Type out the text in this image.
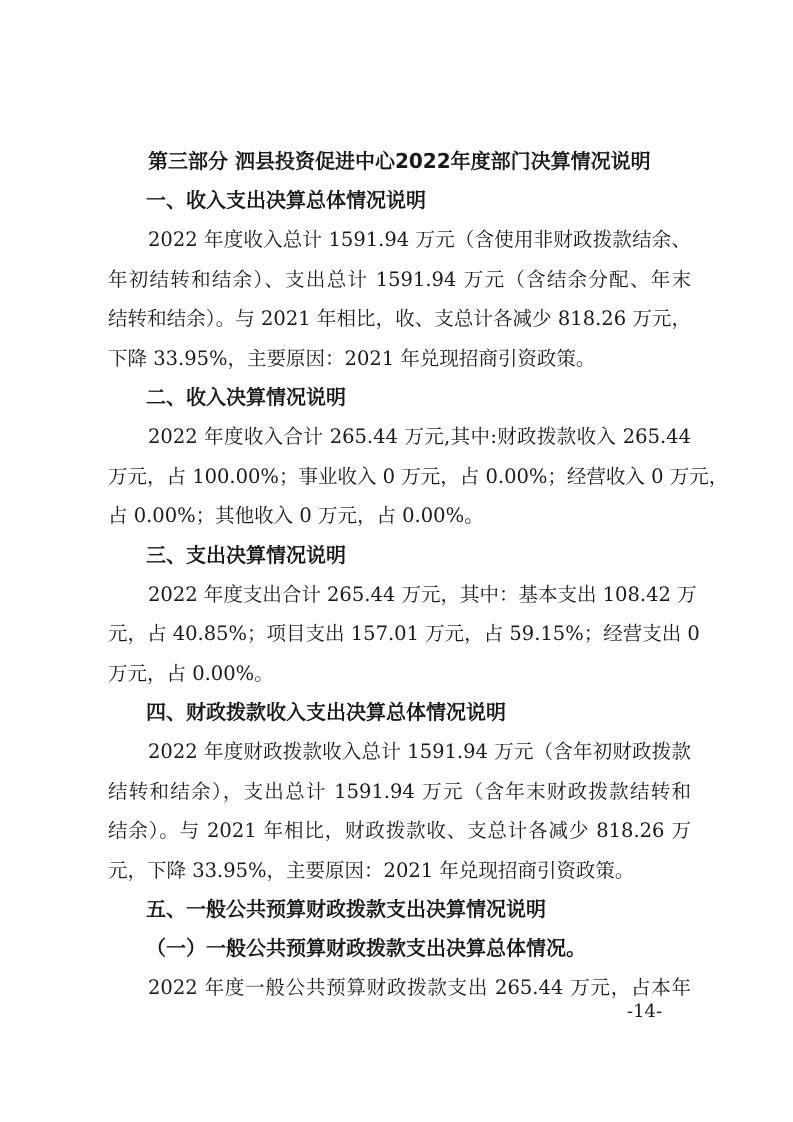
第三部分 泗县投资促进中心2022年度部门决算情况说明
一、收入支出决算总体情况说明
2022 年度收入总计 1591.94 万元（含使用非财政拨款结余、
年初结转和结余）、支出总计 1591.94 万元（含结余分配、年末
结转和结余）。与 2021 年相比，收、支总计各减少 818.26 万元，
下降 33.95%，主要原因：2021 年兑现招商引资政策。
二、收入决算情况说明
2022 年度收入合计 265.44 万元,其中:财政拨款收入 265.44
万元，占 100.00%；事业收入 0 万元，占 0.00%；经营收入 0 万元，
占 0.00%；其他收入 0 万元，占 0.00%。
三、支出决算情况说明
2022 年度支出合计 265.44 万元，其中：基本支出 108.42 万
元，占 40.85%；项目支出 157.01 万元，占 59.15%；经营支出 0
万元，占 0.00%。
四、财政拨款收入支出决算总体情况说明
2022 年度财政拨款收入总计 1591.94 万元（含年初财政拨款
结转和结余），支出总计 1591.94 万元（含年末财政拨款结转和
结余）。与 2021 年相比，财政拨款收、支总计各减少 818.26 万
元，下降 33.95%，主要原因：2021 年兑现招商引资政策。
五、一般公共预算财政拨款支出决算情况说明
（一）一般公共预算财政拨款支出决算总体情况。
2022 年度一般公共预算财政拨款支出 265.44 万元，占本年
-14-
